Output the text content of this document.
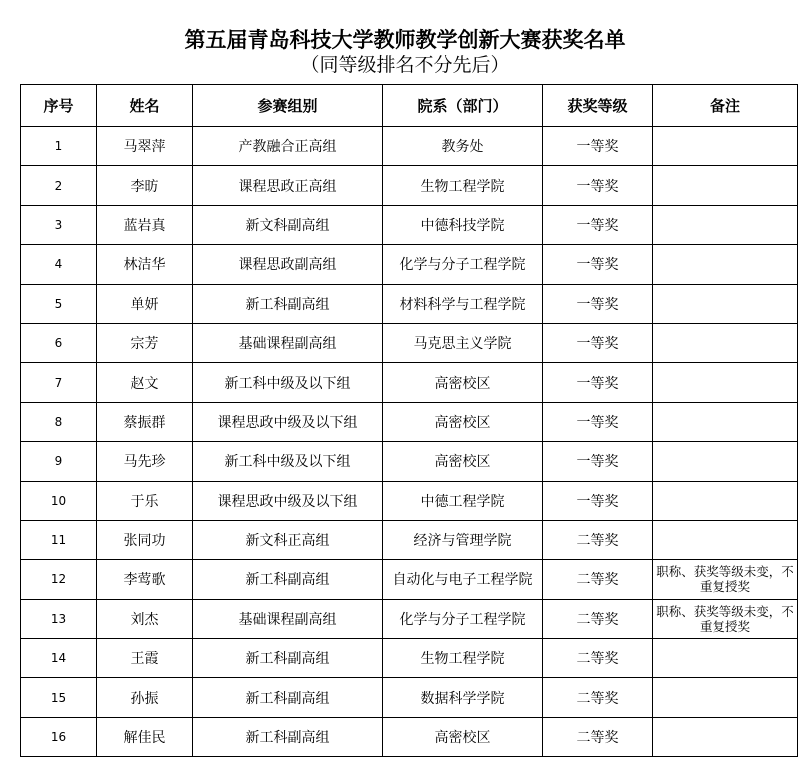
第五届青岛科技大学教师教学创新大赛获奖名单
（同等级排名不分先后）
序号	姓名	参赛组别	院系（部门）	获奖等级	备注
1	马翠萍	产教融合正高组	教务处	一等奖	
2	李昉	课程思政正高组	生物工程学院	一等奖	
3	蓝岩真	新文科副高组	中德科技学院	一等奖	
4	林洁华	课程思政副高组	化学与分子工程学院	一等奖	
5	单妍	新工科副高组	材料科学与工程学院	一等奖	
6	宗芳	基础课程副高组	马克思主义学院	一等奖	
7	赵文	新工科中级及以下组	高密校区	一等奖	
8	蔡振群	课程思政中级及以下组	高密校区	一等奖	
9	马先珍	新工科中级及以下组	高密校区	一等奖	
10	于乐	课程思政中级及以下组	中德工程学院	一等奖	
11	张同功	新文科正高组	经济与管理学院	二等奖	
12	李莺歌	新工科副高组	自动化与电子工程学院	二等奖	职称、获奖等级未变，不重复授奖
13	刘杰	基础课程副高组	化学与分子工程学院	二等奖	职称、获奖等级未变，不重复授奖
14	王霞	新工科副高组	生物工程学院	二等奖	
15	孙振	新工科副高组	数据科学学院	二等奖	
16	解佳民	新工科副高组	高密校区	二等奖	
